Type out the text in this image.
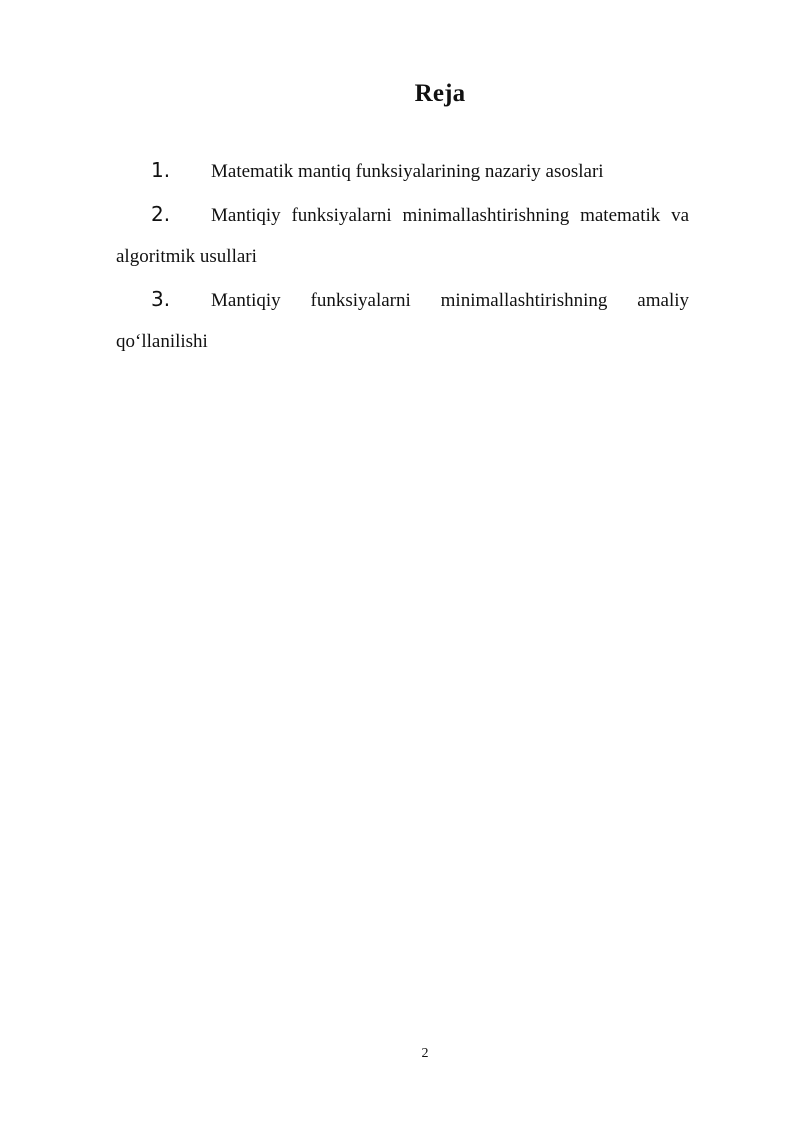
Reja

1. Matematik mantiq funksiyalarining nazariy asoslari

2. Mantiqiy funksiyalarni minimallashtirishning matematik va algoritmik usullari

3. Mantiqiy funksiyalarni minimallashtirishning amaliy qo‘llanilishi

2
